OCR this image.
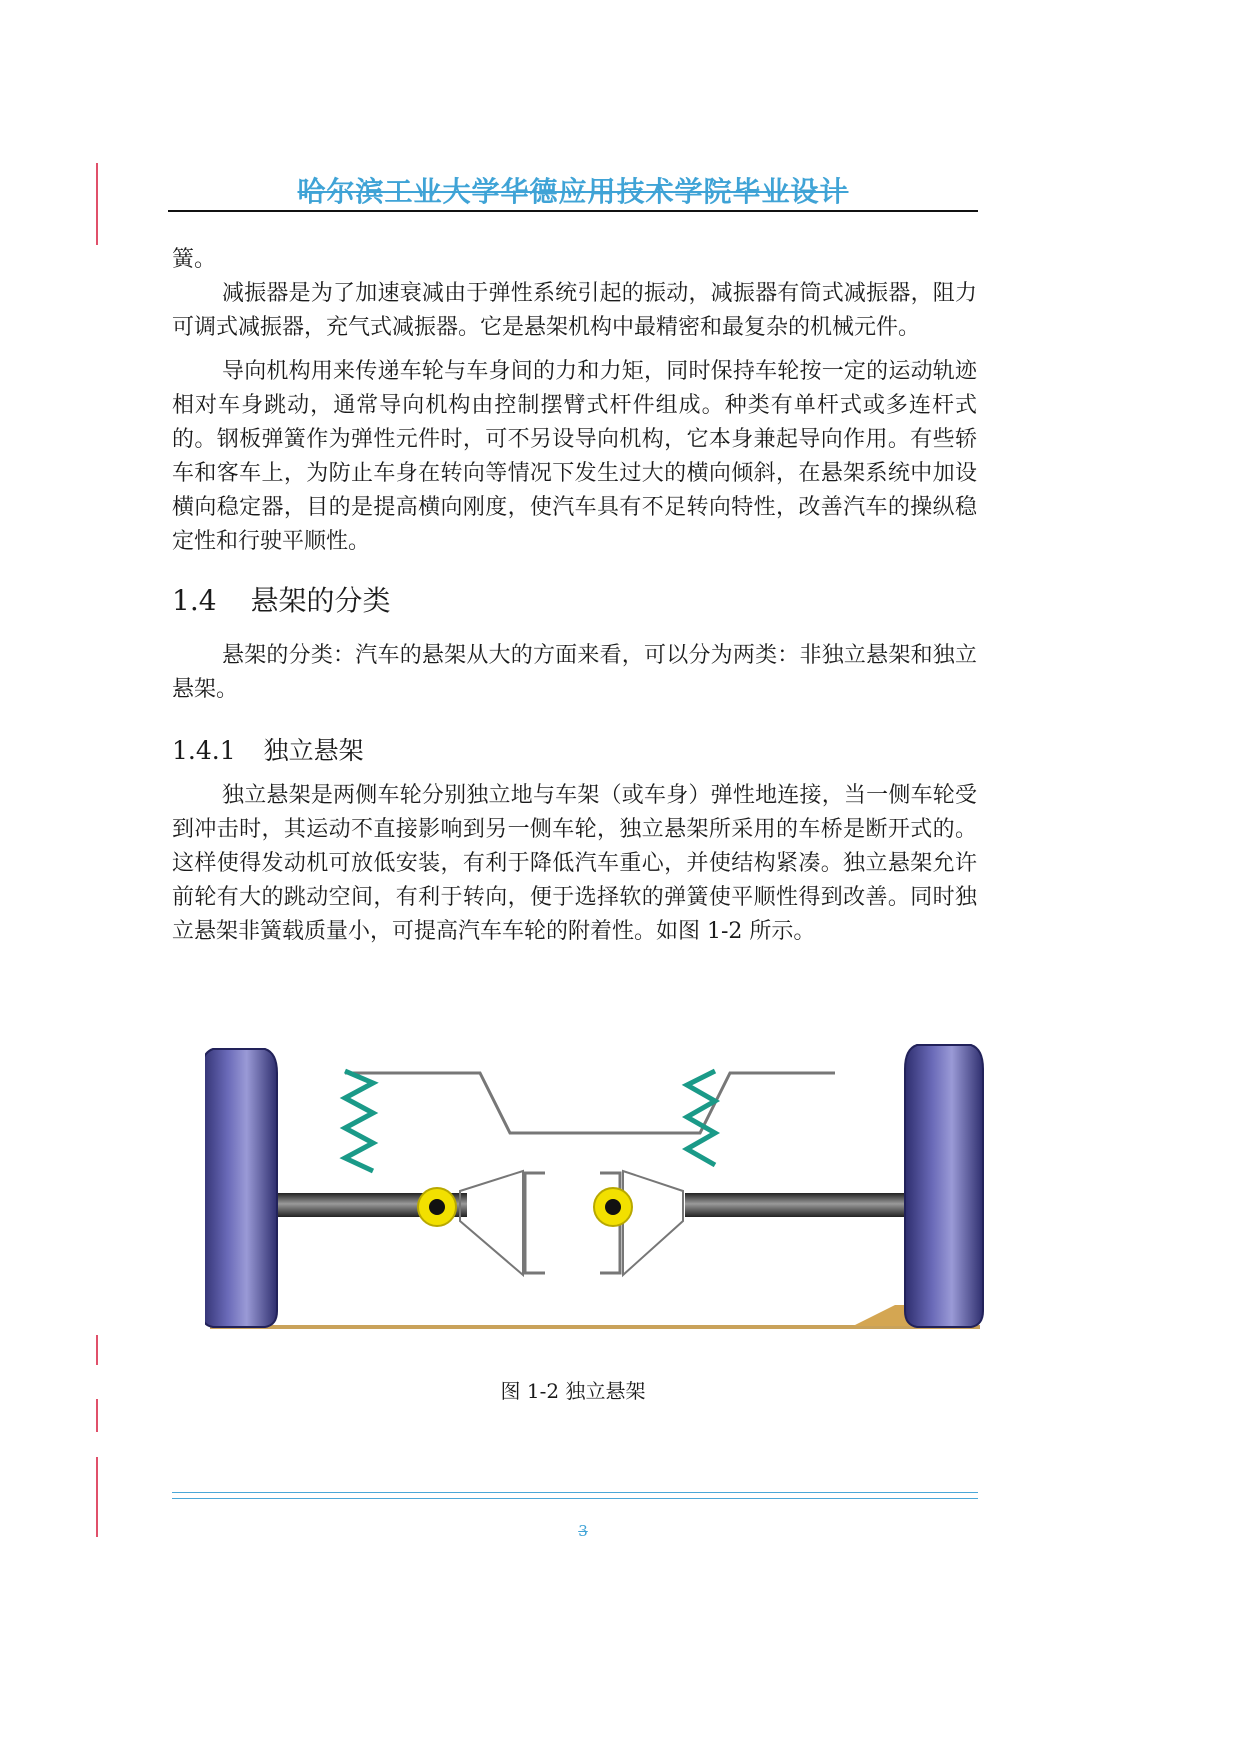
哈尔滨工业大学华德应用技术学院毕业设计

簧。

减振器是为了加速衰减由于弹性系统引起的振动，减振器有筒式减振器，阻力可调式减振器，充气式减振器。它是悬架机构中最精密和最复杂的机械元件。

导向机构用来传递车轮与车身间的力和力矩，同时保持车轮按一定的运动轨迹相对车身跳动，通常导向机构由控制摆臂式杆件组成。种类有单杆式或多连杆式的。钢板弹簧作为弹性元件时，可不另设导向机构，它本身兼起导向作用。有些轿车和客车上，为防止车身在转向等情况下发生过大的横向倾斜，在悬架系统中加设横向稳定器，目的是提高横向刚度，使汽车具有不足转向特性，改善汽车的操纵稳定性和行驶平顺性。

1.4 悬架的分类

悬架的分类：汽车的悬架从大的方面来看，可以分为两类：非独立悬架和独立悬架。

1.4.1 独立悬架

独立悬架是两侧车轮分别独立地与车架（或车身）弹性地连接，当一侧车轮受到冲击时，其运动不直接影响到另一侧车轮，独立悬架所采用的车桥是断开式的。这样使得发动机可放低安装，有利于降低汽车重心，并使结构紧凑。独立悬架允许前轮有大的跳动空间，有利于转向，便于选择软的弹簧使平顺性得到改善。同时独立悬架非簧载质量小，可提高汽车车轮的附着性。如图 1-2 所示。

图 1-2 独立悬架
3
